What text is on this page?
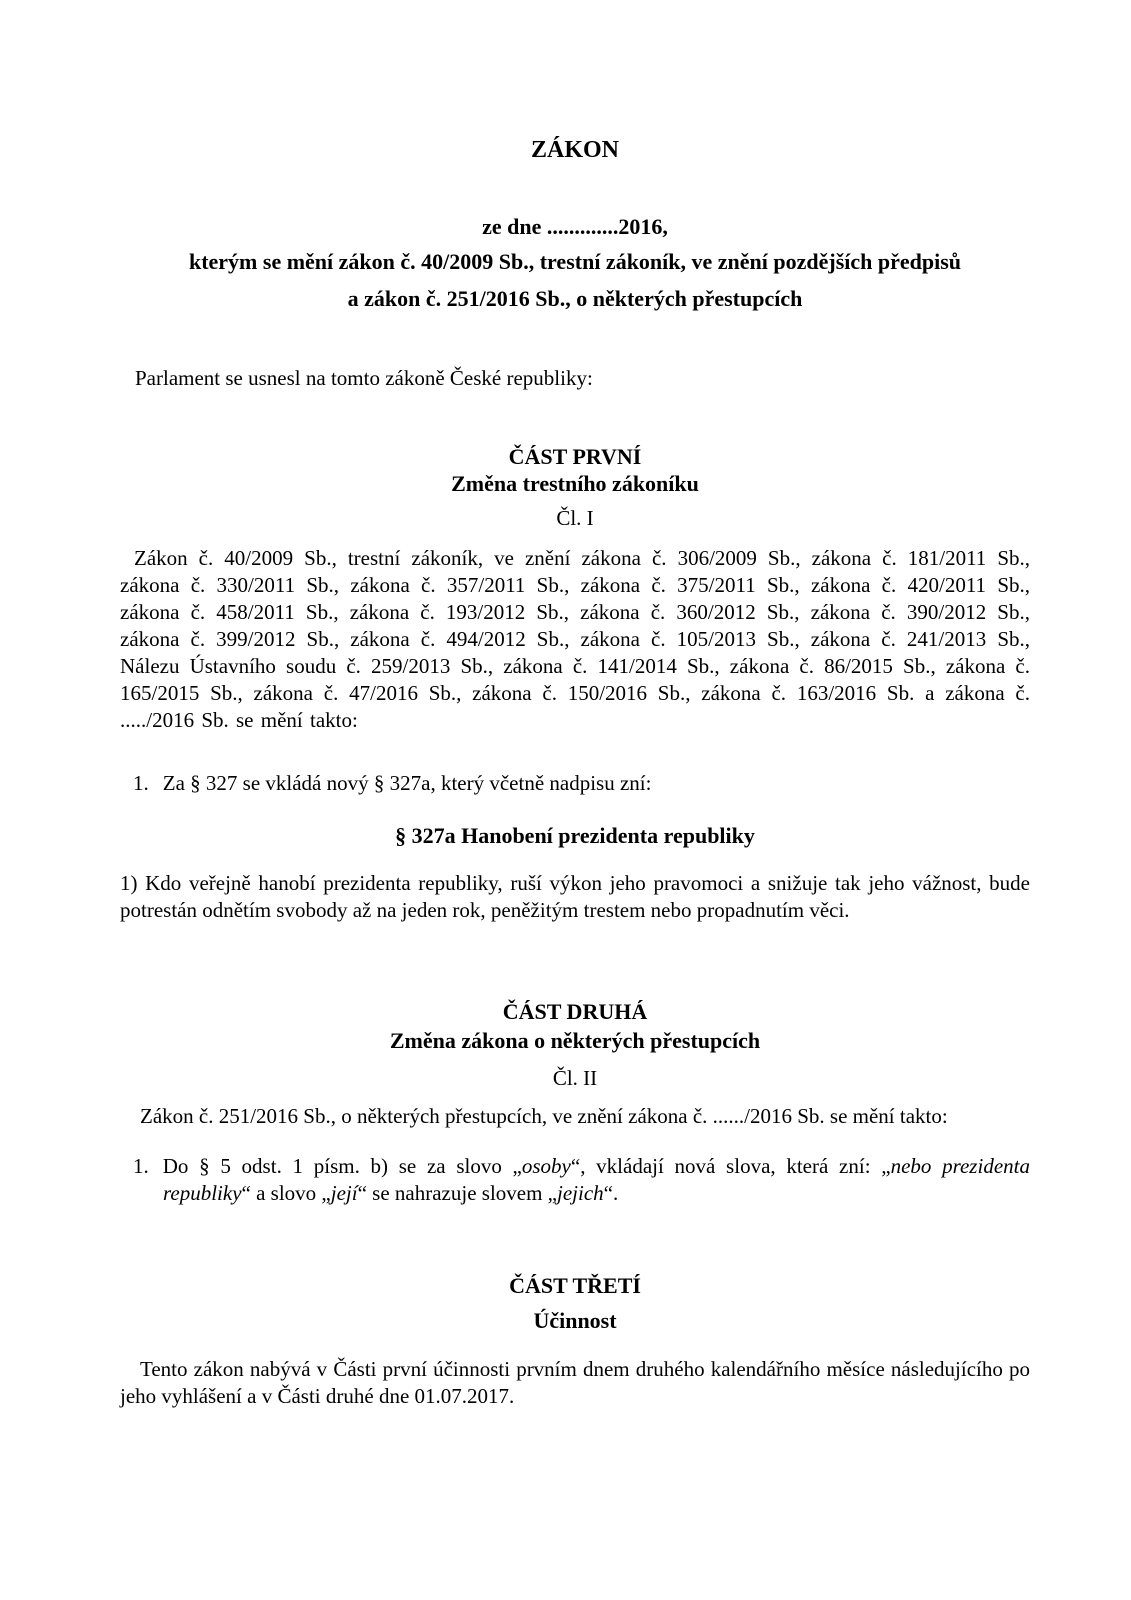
ZÁKON
ze dne .............2016,
kterým se mění zákon č. 40/2009 Sb., trestní zákoník, ve znění pozdějších předpisů
a zákon č. 251/2016 Sb., o některých přestupcích
Parlament se usnesl na tomto zákoně České republiky:
ČÁST PRVNÍ
Změna trestního zákoníku
Čl. I
Zákon č. 40/2009 Sb., trestní zákoník, ve znění zákona č. 306/2009 Sb., zákona č. 181/2011 Sb., zákona č. 330/2011 Sb., zákona č. 357/2011 Sb., zákona č. 375/2011 Sb., zákona č. 420/2011 Sb., zákona č. 458/2011 Sb., zákona č. 193/2012 Sb., zákona č. 360/2012 Sb., zákona č. 390/2012 Sb., zákona č. 399/2012 Sb., zákona č. 494/2012 Sb., zákona č. 105/2013 Sb., zákona č. 241/2013 Sb., Nálezu Ústavního soudu č. 259/2013 Sb., zákona č. 141/2014 Sb., zákona č. 86/2015 Sb., zákona č. 165/2015 Sb., zákona č. 47/2016 Sb., zákona č. 150/2016 Sb., zákona č. 163/2016 Sb. a zákona č. ...../2016 Sb. se mění takto:
1. Za § 327 se vkládá nový § 327a, který včetně nadpisu zní:
§ 327a Hanobení prezidenta republiky
1) Kdo veřejně hanobí prezidenta republiky, ruší výkon jeho pravomoci a snižuje tak jeho vážnost, bude potrestán odnětím svobody až na jeden rok, peněžitým trestem nebo propadnutím věci.
ČÁST DRUHÁ
Změna zákona o některých přestupcích
Čl. II
Zákon č. 251/2016 Sb., o některých přestupcích, ve znění zákona č. ....../2016 Sb. se mění takto:
1. Do § 5 odst. 1 písm. b) se za slovo „osoby“, vkládají nová slova, která zní: „nebo prezidenta republiky“ a slovo „její“ se nahrazuje slovem „jejich“.
ČÁST TŘETÍ
Účinnost
Tento zákon nabývá v Části první účinnosti prvním dnem druhého kalendářního měsíce následujícího po jeho vyhlášení a v Části druhé dne 01.07.2017.
